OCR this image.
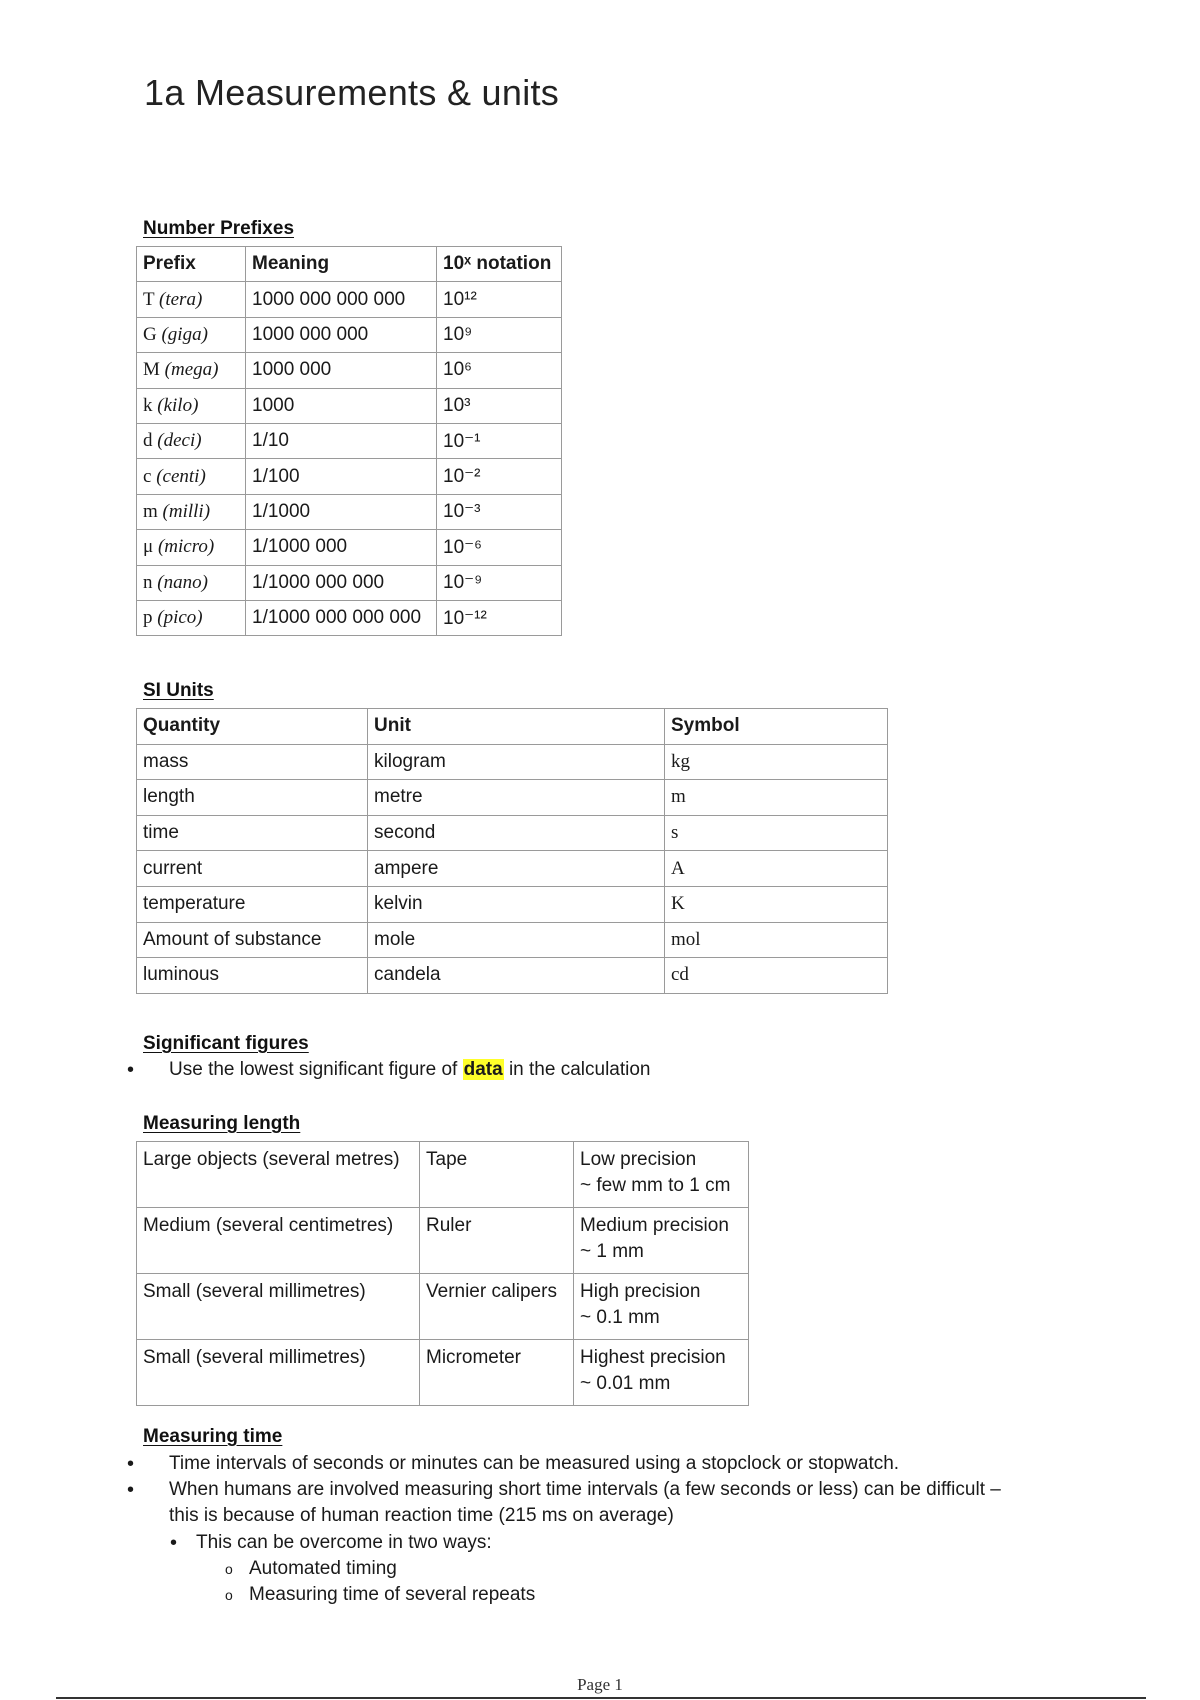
1a Measurements & units
Number Prefixes
Prefix	Meaning	10ˣ notation
T (tera)	1000 000 000 000	10¹²
G (giga)	1000 000 000	10⁹
M (mega)	1000 000	10⁶
k (kilo)	1000	10³
d (deci)	1/10	10⁻¹
c (centi)	1/100	10⁻²
m (milli)	1/1000	10⁻³
μ (micro)	1/1000 000	10⁻⁶
n (nano)	1/1000 000 000	10⁻⁹
p (pico)	1/1000 000 000 000	10⁻¹²
SI Units
Quantity	Unit	Symbol
mass	kilogram	kg
length	metre	m
time	second	s
current	ampere	A
temperature	kelvin	K
Amount of substance	mole	mol
luminous	candela	cd
Significant figures
• Use the lowest significant figure of data in the calculation
Measuring length
Large objects (several metres)	Tape	Low precision
~ few mm to 1 cm

Medium (several centimetres)	Ruler	Medium precision
~ 1 mm

Small (several millimetres)	Vernier calipers	High precision
~ 0.1 mm

Small (several millimetres)	Micrometer	Highest precision
~ 0.01 mm
Measuring time
• Time intervals of seconds or minutes can be measured using a stopclock or stopwatch.
• When humans are involved measuring short time intervals (a few seconds or less) can be difficult –
this is because of human reaction time (215 ms on average)
• This can be overcome in two ways:
o Automated timing
o Measuring time of several repeats
Page 1
